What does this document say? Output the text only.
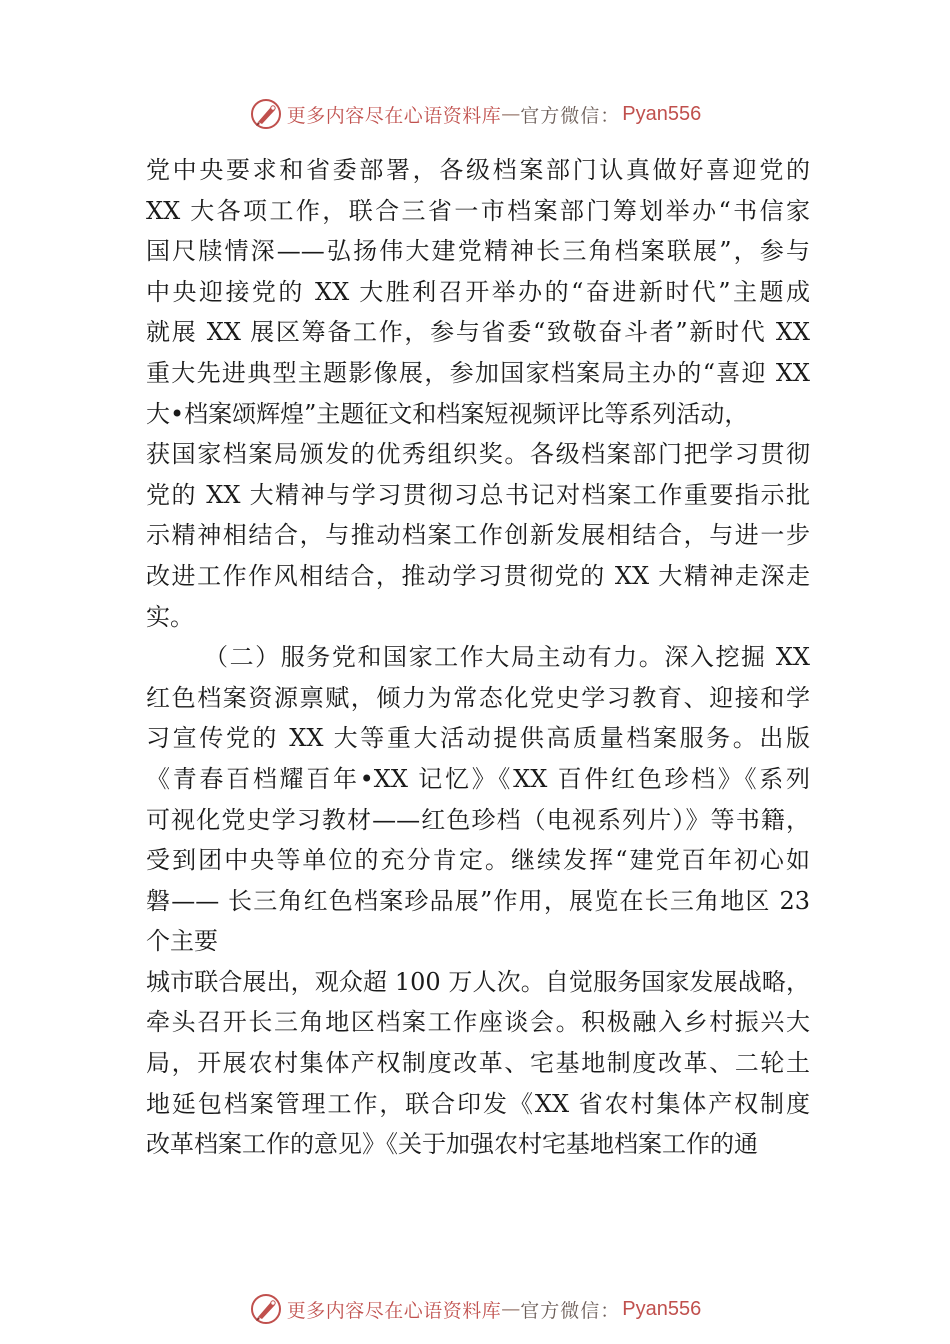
更多内容尽在心语资料库 — 官方微信： Pyan556
党中央要求和省委部署，各级档案部门认真做好喜迎党的
XX 大各项工作，联合三省一市档案部门筹划举办“书信家
国尺牍情深——弘扬伟大建党精神长三角档案联展”，参与
中央迎接党的 XX 大胜利召开举办的“奋进新时代”主题成
就展 XX 展区筹备工作，参与省委“致敬奋斗者”新时代 XX
重大先进典型主题影像展，参加国家档案局主办的“喜迎 XX
大•档案颂辉煌”主题征文和档案短视频评比等系列活动，
获国家档案局颁发的优秀组织奖。各级档案部门把学习贯彻
党的 XX 大精神与学习贯彻习总书记对档案工作重要指示批
示精神相结合，与推动档案工作创新发展相结合，与进一步
改进工作作风相结合，推动学习贯彻党的 XX 大精神走深走
实。
（二）服务党和国家工作大局主动有力。深入挖掘 XX
红色档案资源禀赋，倾力为常态化党史学习教育、迎接和学
习宣传党的 XX 大等重大活动提供高质量档案服务。出版
《青春百档耀百年•XX 记忆》《XX 百件红色珍档》《系列
可视化党史学习教材——红色珍档（电视系列片）》等书籍，
受到团中央等单位的充分肯定。继续发挥“建党百年初心如
磐—— 长三角红色档案珍品展”作用，展览在长三角地区 23
个主要
城市联合展出，观众超 100 万人次。自觉服务国家发展战略，
牵头召开长三角地区档案工作座谈会。积极融入乡村振兴大
局，开展农村集体产权制度改革、宅基地制度改革、二轮土
地延包档案管理工作，联合印发《XX 省农村集体产权制度
改革档案工作的意见》《关于加强农村宅基地档案工作的通
更多内容尽在心语资料库 — 官方微信： Pyan556
